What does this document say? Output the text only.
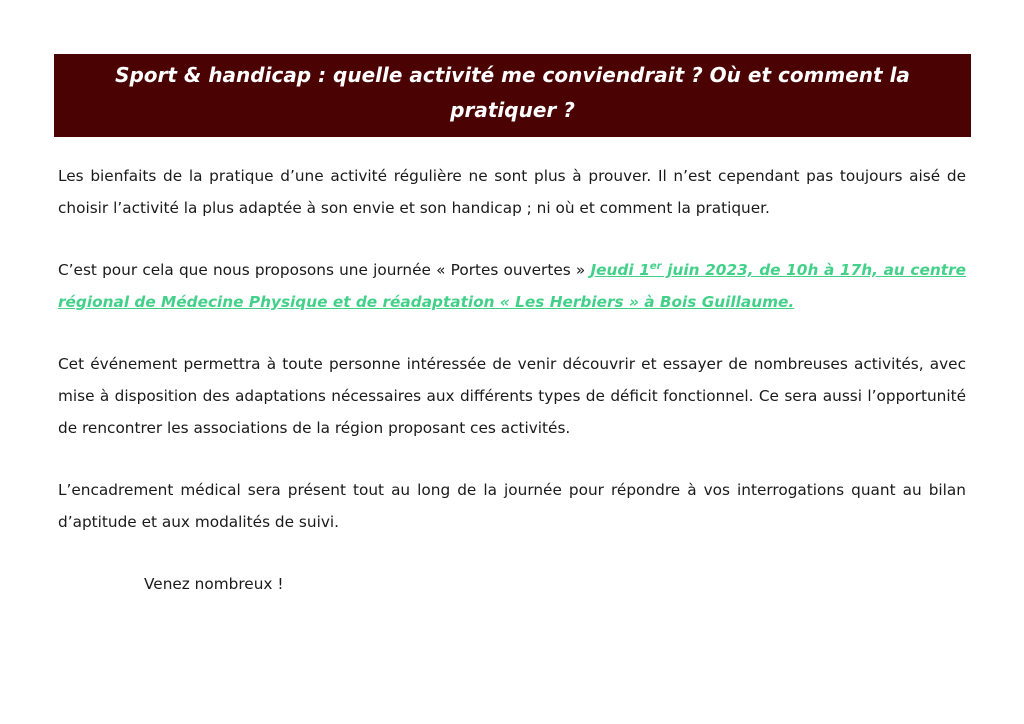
Sport & handicap : quelle activité me conviendrait ? Où et comment la pratiquer ?

Les bienfaits de la pratique d’une activité régulière ne sont plus à prouver. Il n’est cependant pas toujours aisé de choisir l’activité la plus adaptée à son envie et son handicap ; ni où et comment la pratiquer.

C’est pour cela que nous proposons une journée « Portes ouvertes » Jeudi 1er juin 2023, de 10h à 17h, au centre régional de Médecine Physique et de réadaptation « Les Herbiers » à Bois Guillaume.

Cet événement permettra à toute personne intéressée de venir découvrir et essayer de nombreuses activités, avec mise à disposition des adaptations nécessaires aux différents types de déficit fonctionnel. Ce sera aussi l’opportunité de rencontrer les associations de la région proposant ces activités.

L’encadrement médical sera présent tout au long de la journée pour répondre à vos interrogations quant au bilan d’aptitude et aux modalités de suivi.

Venez nombreux !
